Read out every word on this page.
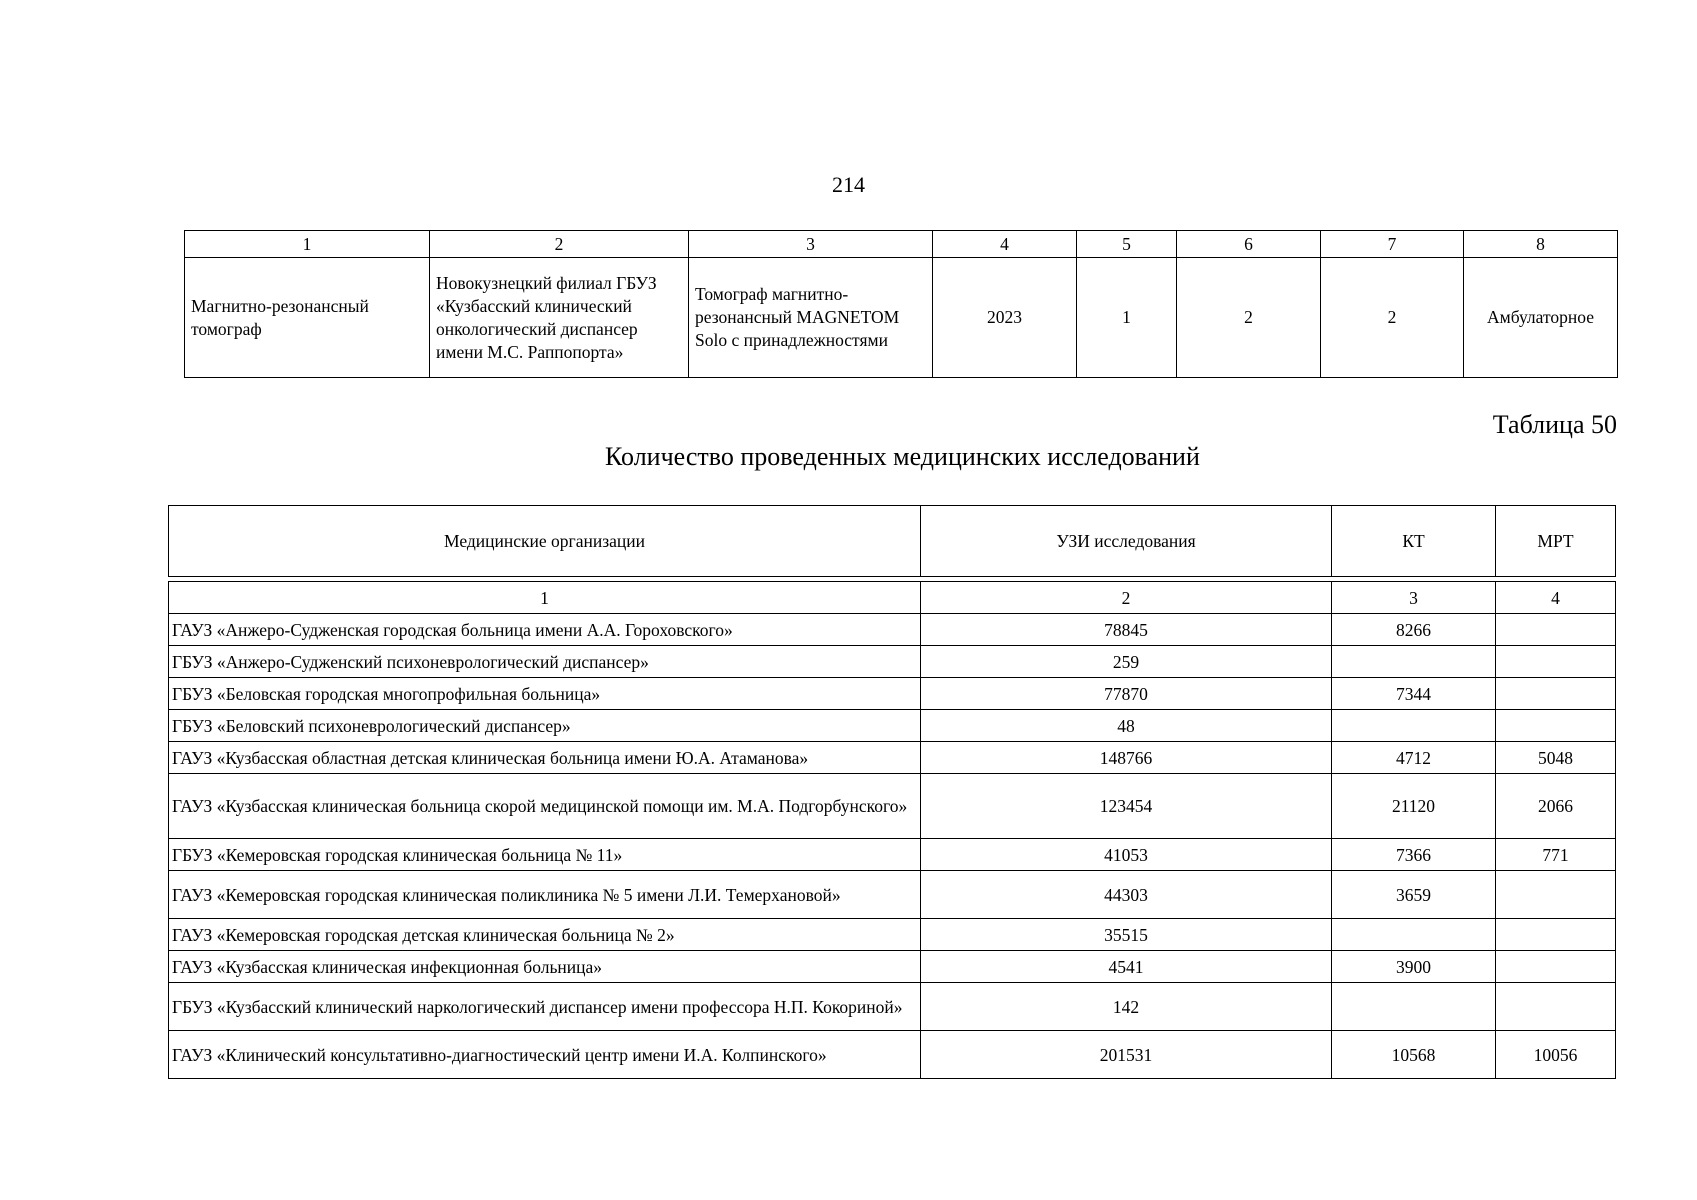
214
1	2	3	4	5	6	7	8
Магнитно-резонансный томограф	Новокузнецкий филиал ГБУЗ «Кузбасский клинический онкологический диспансер имени М.С. Раппопорта»	Томограф магнитно-резонансный MAGNETOM Solo с принадлежностями	2023	1	2	2	Амбулаторное
Таблица 50
Количество проведенных медицинских исследований
Медицинские организации	УЗИ исследования	КТ	МРТ
1	2	3	4
ГАУЗ «Анжеро-Судженская городская больница имени А.А. Гороховского»	78845	8266	
ГБУЗ «Анжеро-Судженский психоневрологический диспансер»	259		
ГБУЗ «Беловская городская многопрофильная больница»	77870	7344	
ГБУЗ «Беловский психоневрологический диспансер»	48		
ГАУЗ «Кузбасская областная детская клиническая больница имени Ю.А. Атаманова»	148766	4712	5048
ГАУЗ «Кузбасская клиническая больница скорой медицинской помощи им. М.А. Подгорбунского»	123454	21120	2066
ГБУЗ «Кемеровская городская клиническая больница № 11»	41053	7366	771
ГАУЗ «Кемеровская городская клиническая поликлиника № 5 имени Л.И. Темерхановой»	44303	3659	
ГАУЗ «Кемеровская городская детская клиническая больница № 2»	35515		
ГАУЗ «Кузбасская клиническая инфекционная больница»	4541	3900	
ГБУЗ «Кузбасский клинический наркологический диспансер имени профессора Н.П. Кокориной»	142		
ГАУЗ «Клинический консультативно-диагностический центр имени И.А. Колпинского»	201531	10568	10056
